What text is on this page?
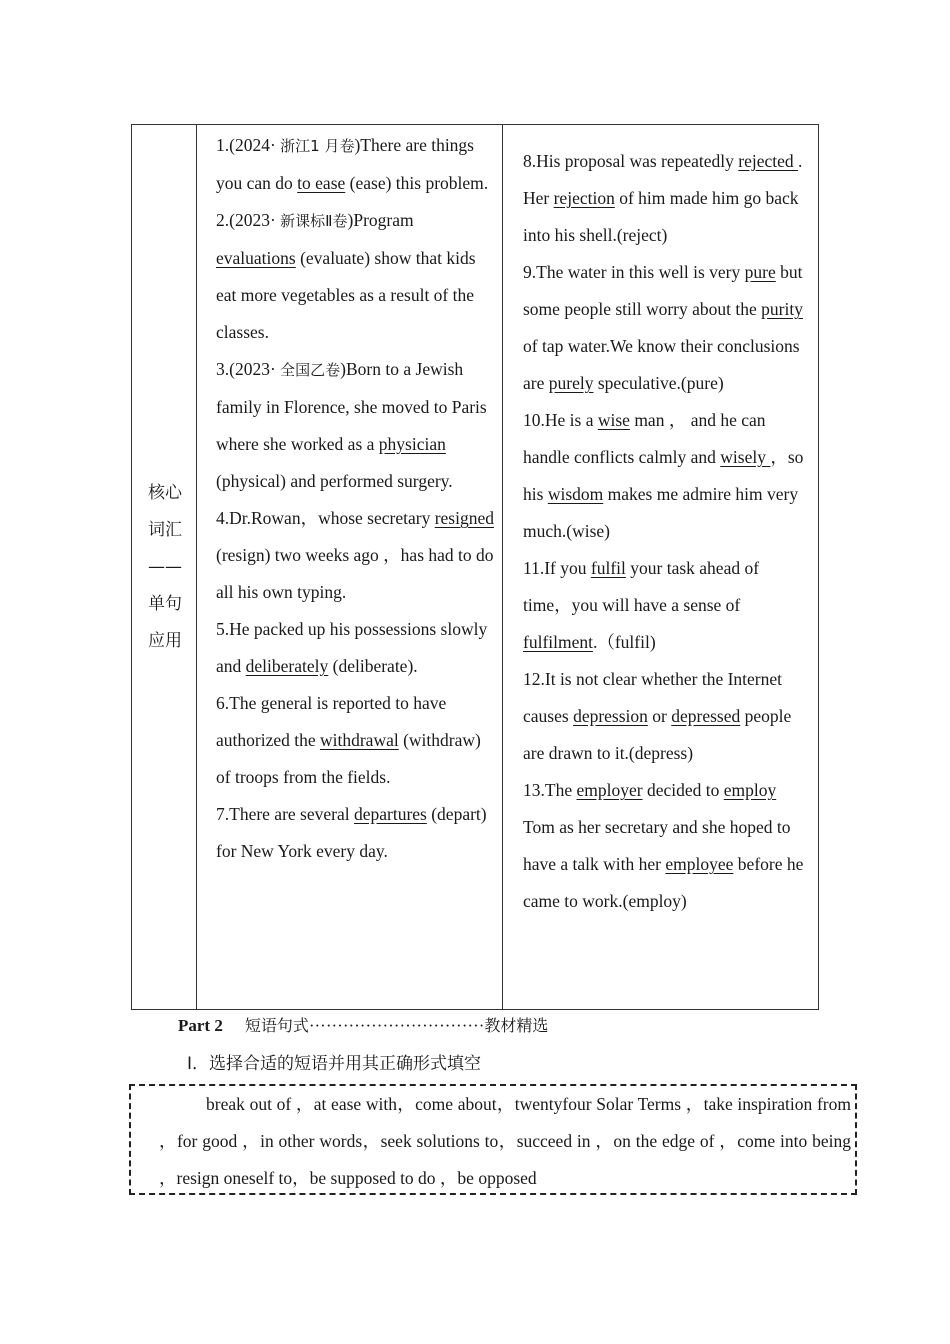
核心
词汇
——
单句
应用

1.(2024· 浙江1 月卷)There are things you can do to ease (ease) this problem.
2.(2023· 新课标Ⅱ卷)Program evaluations (evaluate) show that kids eat more vegetables as a result of the classes.
3.(2023· 全国乙卷)Born to a Jewish family in Florence, she moved to Paris where she worked as a physician (physical) and performed surgery.
4.Dr.Rowan，whose secretary resigned (resign) two weeks ago ，has had to do all his own typing.
5.He packed up his possessions slowly and deliberately (deliberate).
6.The general is reported to have authorized the withdrawal (withdraw) of troops from the fields.
7.There are several departures (depart) for New York every day.

8.His proposal was repeatedly rejected . Her rejection of him made him go back into his shell.(reject)
9.The water in this well is very pure but some people still worry about the purity of tap water.We know their conclusions are purely speculative.(pure)
10.He is a wise man ， and he can handle conflicts calmly and wisely ，so his wisdom makes me admire him very much.(wise)
11.If you fulfil your task ahead of time，you will have a sense of fulfilment.（fulfil)
12.It is not clear whether the Internet causes depression or depressed people are drawn to it.(depress)
13.The employer decided to employ Tom as her secretary and she hoped to have a talk with her employee before he came to work.(employ)
Part 2 短语句式·······························教材精选
Ⅰ．选择合适的短语并用其正确形式填空
break out of ，at ease with，come about，twentyfour Solar Terms ，take inspiration from ，for good ，in other words，seek solutions to，succeed in ，on the edge of ，come into being ，resign oneself to，be supposed to do ，be opposed
